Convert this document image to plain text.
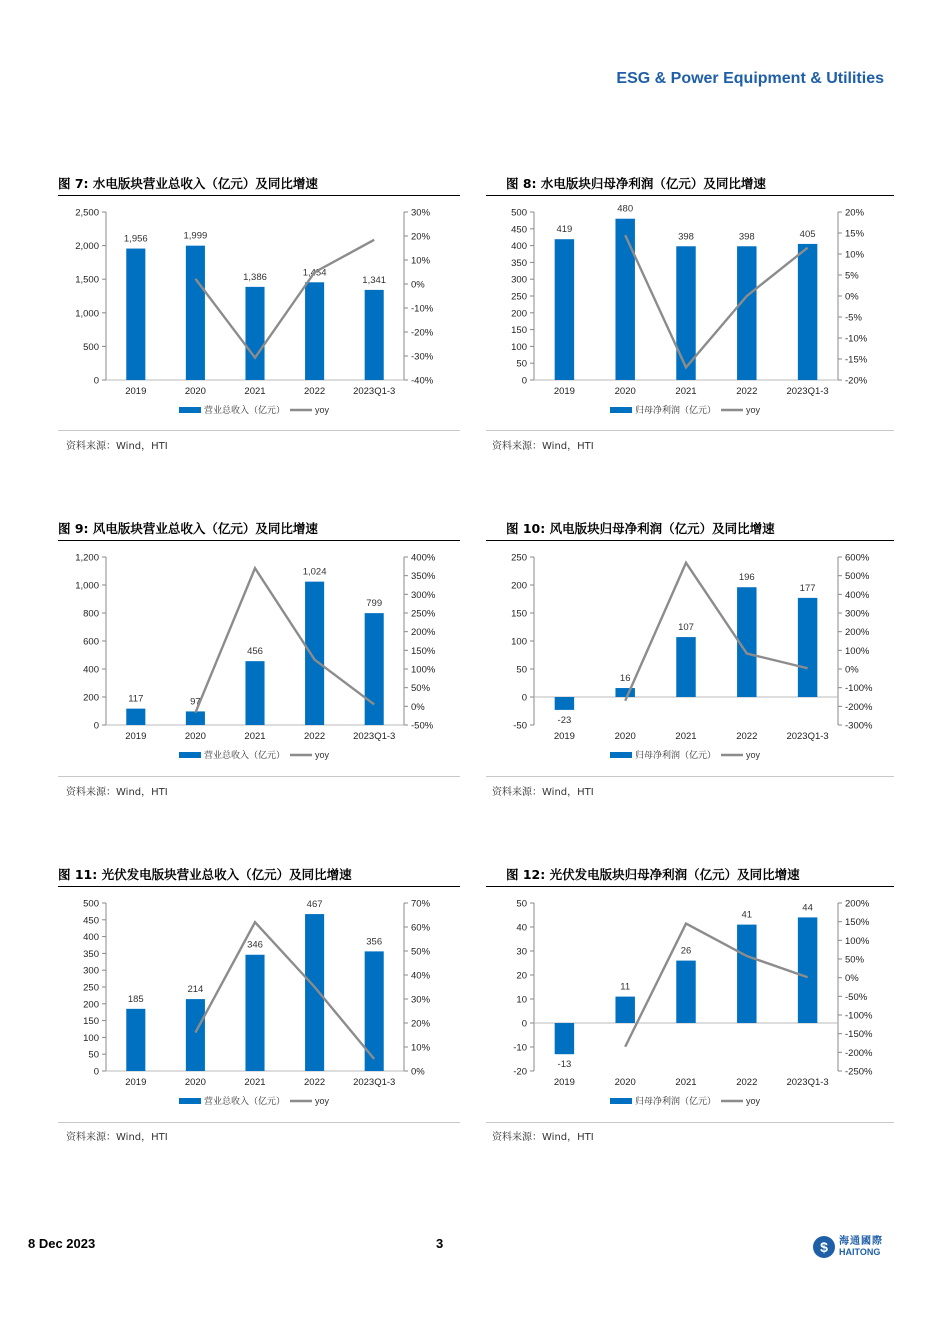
ESG & Power Equipment & Utilities
图 7: 水电版块营业总收入（亿元）及同比增速
0
500
1,000
1,500
2,000
2,500
-40%
-30%
-20%
-10%
0%
10%
20%
30%
1,956	1,999
1,386	1,454
1,341
2019	2020	2021	2022	2023Q1-3
营业总收入（亿元）	yoy
资料来源：Wind，HTI
图 8: 水电版块归母净利润（亿元）及同比增速
0
50
100
150
200
250
300
350
400
450
500
-20%
-15%
-10%
-5%
0%
5%
10%
15%
20%
419
480
398	398	405
2019	2020	2021	2022	2023Q1-3
归母净利润（亿元）	yoy
资料来源：Wind，HTI
图 9: 风电版块营业总收入（亿元）及同比增速
0
200
400
600
800
1,000
1,200
-50%
0%
50%
100%
150%
200%
250%
300%
350%
400%
117	97
456
1,024
799
2019	2020	2021	2022	2023Q1-3
营业总收入（亿元）	yoy
资料来源：Wind，HTI
图 10: 风电版块归母净利润（亿元）及同比增速
-50
0
50
100
150
200
250
-300%
-200%
-100%
0%
100%
200%
300%
400%
500%
600%
-23
16
107
196
177
2019	2020	2021	2022	2023Q1-3
归母净利润（亿元）	yoy
资料来源：Wind，HTI
图 11: 光伏发电版块营业总收入（亿元）及同比增速
0
50
100
150
200
250
300
350
400
450
500
0%
10%
20%
30%
40%
50%
60%
70%
185
214
346
467
356
2019	2020	2021	2022	2023Q1-3
营业总收入（亿元）	yoy
资料来源：Wind，HTI
图 12: 光伏发电版块归母净利润（亿元）及同比增速
-20
-10
0
10
20
30
40
50
-250%
-200%
-150%
-100%
-50%
0%
50%
100%
150%
200%
-13
11
26
41
44
2019	2020	2021	2022	2023Q1-3
归母净利润（亿元）	yoy
资料来源：Wind，HTI
8 Dec 2023	3	$	海通國際
HAITONG
